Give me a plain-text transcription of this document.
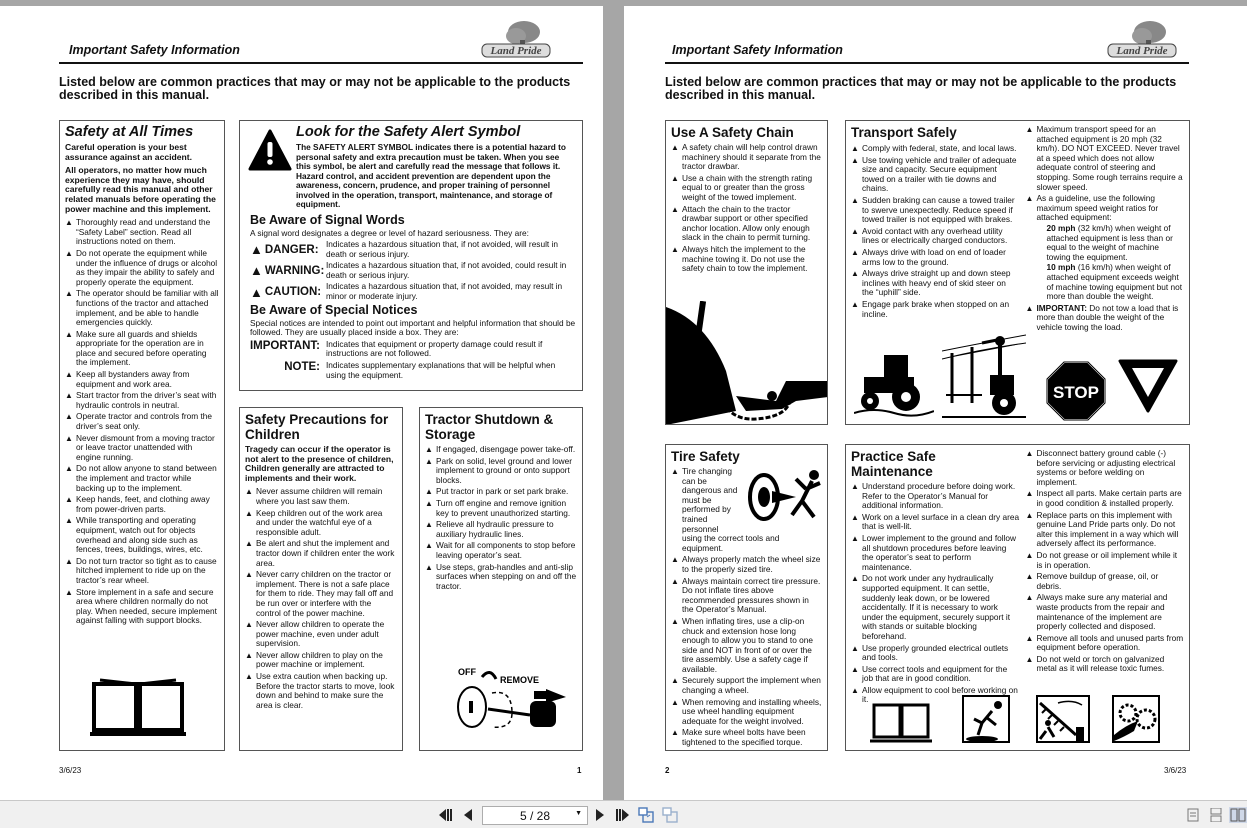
Important Safety Information	Land Pride
Listed below are common practices that may or may not be applicable to the products described in this manual.
Safety at All Times
Careful operation is your best assurance against an accident.
All operators, no matter how much experience they may have, should carefully read this manual and other related manuals before operating the power machine and this implement.
▲ Thoroughly read and understand the “Safety Label” section. Read all instructions noted on them.
▲ Do not operate the equipment while under the influence of drugs or alcohol as they impair the ability to safely and properly operate the equipment.
▲ The operator should be familiar with all functions of the tractor and attached implement, and be able to handle emergencies quickly.
▲ Make sure all guards and shields appropriate for the operation are in place and secured before operating the implement.
▲ Keep all bystanders away from equipment and work area.
▲ Start tractor from the driver’s seat with hydraulic controls in neutral.
▲ Operate tractor and controls from the driver’s seat only.
▲ Never dismount from a moving tractor or leave tractor unattended with engine running.
▲ Do not allow anyone to stand between the implement and tractor while backing up to the implement.
▲ Keep hands, feet, and clothing away from power-driven parts.
▲ While transporting and operating equipment, watch out for objects overhead and along side such as fences, trees, buildings, wires, etc.
▲ Do not turn tractor so tight as to cause hitched implement to ride up on the tractor’s rear wheel.
▲ Store implement in a safe and secure area where children normally do not play. When needed, secure implement against falling with support blocks.
Look for the Safety Alert Symbol
The SAFETY ALERT SYMBOL indicates there is a potential hazard to personal safety and extra precaution must be taken. When you see this symbol, be alert and carefully read the message that follows it. Hazard control, and accident prevention are dependent upon the awareness, concern, prudence, and proper training of personnel involved in the operation, transport, maintenance, and storage of equipment.
Be Aware of Signal Words
A signal word designates a degree or level of hazard seriousness. They are:
▲ DANGER: Indicates a hazardous situation that, if not avoided, will result in death or serious injury.
▲ WARNING: Indicates a hazardous situation that, if not avoided, could result in death or serious injury.
▲ CAUTION: Indicates a hazardous situation that, if not avoided, may result in minor or moderate injury.
Be Aware of Special Notices
Special notices are intended to point out important and helpful information that should be followed. They are usually placed inside a box. They are:
IMPORTANT: Indicates that equipment or property damage could result if instructions are not followed.
NOTE: Indicates supplementary explanations that will be helpful when using the equipment.
Safety Precautions for Children
Tragedy can occur if the operator is not alert to the presence of children, Children generally are attracted to implements and their work.
▲ Never assume children will remain where you last saw them.
▲ Keep children out of the work area and under the watchful eye of a responsible adult.
▲ Be alert and shut the implement and tractor down if children enter the work area.
▲ Never carry children on the tractor or implement. There is not a safe place for them to ride. They may fall off and be run over or interfere with the control of the power machine.
▲ Never allow children to operate the power machine, even under adult supervision.
▲ Never allow children to play on the power machine or implement.
▲ Use extra caution when backing up. Before the tractor starts to move, look down and behind to make sure the area is clear.
Tractor Shutdown & Storage
▲ If engaged, disengage power take-off.
▲ Park on solid, level ground and lower implement to ground or onto support blocks.
▲ Put tractor in park or set park brake.
▲ Turn off engine and remove ignition key to prevent unauthorized starting.
▲ Relieve all hydraulic pressure to auxiliary hydraulic lines.
▲ Wait for all components to stop before leaving operator’s seat.
▲ Use steps, grab-handles and anti-slip surfaces when stepping on and off the tractor.
OFF
REMOVE
3/6/23	1
Important Safety Information	Land Pride
Listed below are common practices that may or may not be applicable to the products described in this manual.
Use A Safety Chain
▲ A safety chain will help control drawn machinery should it separate from the tractor drawbar.
▲ Use a chain with the strength rating equal to or greater than the gross weight of the towed implement.
▲ Attach the chain to the tractor drawbar support or other specified anchor location. Allow only enough slack in the chain to permit turning.
▲ Always hitch the implement to the machine towing it. Do not use the safety chain to tow the implement.
Transport Safely
▲ Comply with federal, state, and local laws.
▲ Use towing vehicle and trailer of adequate size and capacity. Secure equipment towed on a trailer with tie downs and chains.
▲ Sudden braking can cause a towed trailer to swerve unexpectedly. Reduce speed if towed trailer is not equipped with brakes.
▲ Avoid contact with any overhead utility lines or electrically charged conductors.
▲ Always drive with load on end of loader arms low to the ground.
▲ Always drive straight up and down steep inclines with heavy end of skid steer on the “uphill” side.
▲ Engage park brake when stopped on an incline.
▲ Maximum transport speed for an attached equipment is 20 mph (32 km/h). DO NOT EXCEED. Never travel at a speed which does not allow adequate control of steering and stopping. Some rough terrains require a slower speed.
▲ As a guideline, use the following maximum speed weight ratios for attached equipment:
20 mph (32 km/h) when weight of attached equipment is less than or equal to the weight of machine towing the equipment.
10 mph (16 km/h) when weight of attached equipment exceeds weight of machine towing equipment but not more than double the weight.
▲ IMPORTANT: Do not tow a load that is more than double the weight of the vehicle towing the load.
STOP
Tire Safety
▲ Tire changing can be dangerous and must be performed by trained personnel using the correct tools and equipment.
▲ Always properly match the wheel size to the properly sized tire.
▲ Always maintain correct tire pressure. Do not inflate tires above recommended pressures shown in the Operator’s Manual.
▲ When inflating tires, use a clip-on chuck and extension hose long enough to allow you to stand to one side and NOT in front of or over the tire assembly. Use a safety cage if available.
▲ Securely support the implement when changing a wheel.
▲ When removing and installing wheels, use wheel handling equipment adequate for the weight involved.
▲ Make sure wheel bolts have been tightened to the specified torque.
Practice Safe Maintenance
▲ Understand procedure before doing work. Refer to the Operator’s Manual for additional information.
▲ Work on a level surface in a clean dry area that is well-lit.
▲ Lower implement to the ground and follow all shutdown procedures before leaving the operator’s seat to perform maintenance.
▲ Do not work under any hydraulically supported equipment. It can settle, suddenly leak down, or be lowered accidentally. If it is necessary to work under the equipment, securely support it with stands or suitable blocking beforehand.
▲ Use properly grounded electrical outlets and tools.
▲ Use correct tools and equipment for the job that are in good condition.
▲ Allow equipment to cool before working on it.
▲ Disconnect battery ground cable (-) before servicing or adjusting electrical systems or before welding on implement.
▲ Inspect all parts. Make certain parts are in good condition & installed properly.
▲ Replace parts on this implement with genuine Land Pride parts only. Do not alter this implement in a way which will adversely affect its performance.
▲ Do not grease or oil implement while it is in operation.
▲ Remove buildup of grease, oil, or debris.
▲ Always make sure any material and waste products from the repair and maintenance of the implement are properly collected and disposed.
▲ Remove all tools and unused parts from equipment before operation.
▲ Do not weld or torch on galvanized metal as it will release toxic fumes.
2	3/6/23
5 / 28	▼
